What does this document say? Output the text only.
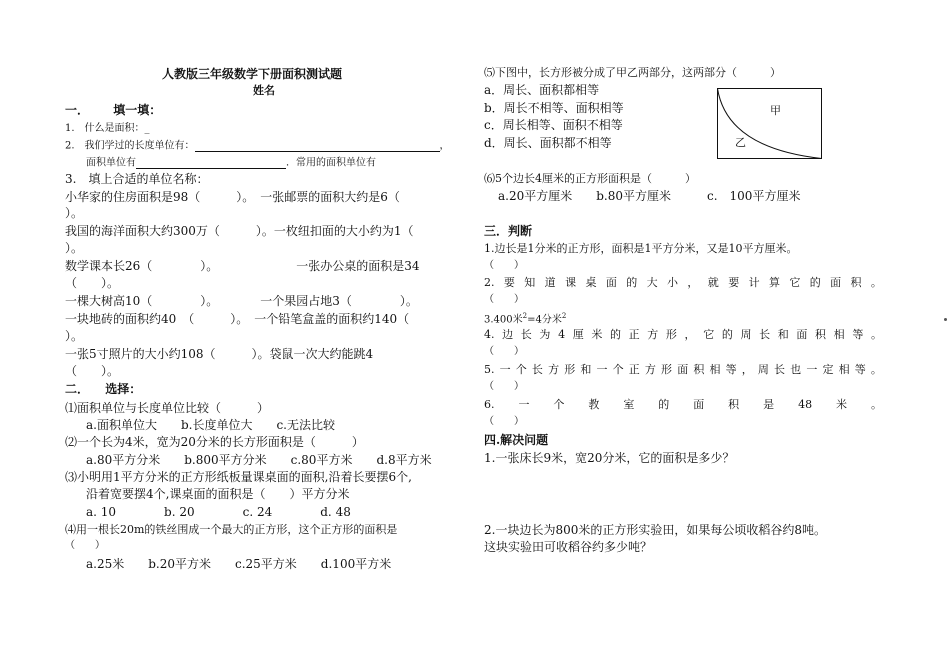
人教版三年级数学下册面积测试题
姓名
一． 填一填：
1.　什么是面积：_
2.　我们学过的长度单位有：	，
面积单位有	．常用的面积单位有
3.　填上合适的单位名称：
小华家的住房面积是98（　　　）。　一张邮票的面积大约是6（
）。
我国的海洋面积大约300万（　　　）。一枚纽扣面的大小约为1（
）。
数学课本长26（　　　　）。　　　　　　　一张办公桌的面积是34
（　　）。
一棵大树高10（　　　　）。　　　　一个果园占地3（　　　　）。
一块地砖的面积约40　（　　　）。　一个铅笔盒盖的面积约140（
）。
一张5寸照片的大小约108（　　　）。袋鼠一次大约能跳4
（　　）。
二． 选择：
⑴面积单位与长度单位比较（　　　）
a.面积单位大　　b.长度单位大　　c.无法比较
⑵一个长为4米，宽为20分米的长方形面积是（　　　）
a.80平方分米　　b.800平方分米　　c.80平方米　　d.8平方米
⑶小明用1平方分米的正方形纸板量课桌面的面积,沿着长要摆6个,
沿着宽要摆4个,课桌面的面积是（　　）平方分米
a. 10　　　　b. 20　　　　c. 24　　　　d. 48
⑷用一根长20m的铁丝围成一个最大的正方形，这个正方形的面积是
（　　）
a.25米　　b.20平方米　　c.25平方米　　d.100平方米
⑸下图中，长方形被分成了甲乙两部分，这两部分（　　　）
a．周长、面积都相等
b．周长不相等、面积相等
c．周长相等、面积不相等
d．周长、面积都不相等
甲
乙
⑹5个边长4厘米的正方形面积是（　　　）
a.20平方厘米　　b.80平方厘米　　　c.　100平方厘米
三．判断
1.边长是1分米的正方形，面积是1平方分米，又是10平方厘米。
（　　）
2. 要 知 道 课 桌 面 的 大 小 ， 就 要 计 算 它 的 面 积 。
（　　）
3.400米$^2$=4分米$^2$
4. 边 长 为 4 厘 米 的 正 方 形 ， 它 的 周 长 和 面 积 相 等 。
（　　）
5. 一 个 长 方 形 和 一 个 正 方 形 面 积 相 等 ， 周 长 也 一 定 相 等 。
（　　）
6. 一 个 教 室 的 面 积 是 48 米 。
（　　）
四.解决问题
1.一张床长9米，宽20分米，它的面积是多少？
2.一块边长为800米的正方形实验田，如果每公顷收稻谷约8吨。
这块实验田可收稻谷约多少吨？
